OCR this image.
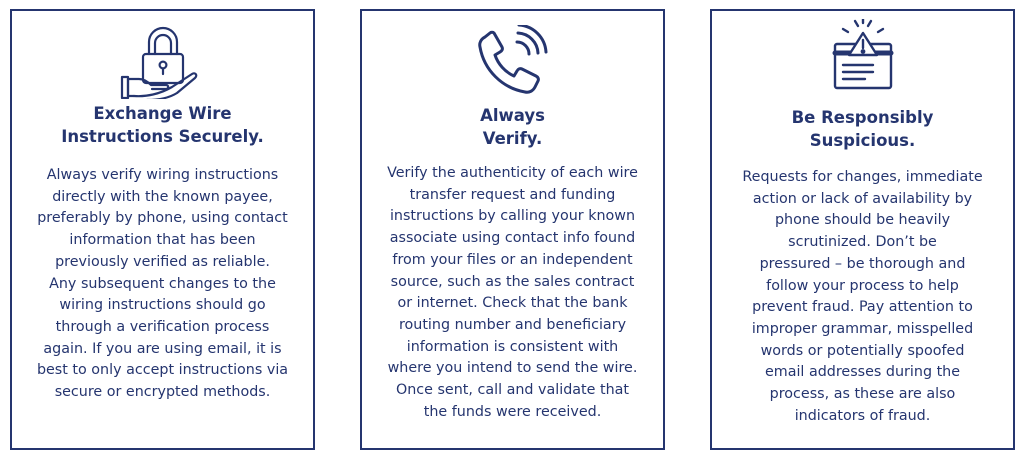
Exchange Wire
Instructions Securely.
Always verify wiring instructions
directly with the known payee,
preferably by phone, using contact
information that has been
previously verified as reliable.
Any subsequent changes to the
wiring instructions should go
through a verification process
again. If you are using email, it is
best to only accept instructions via
secure or encrypted methods.
Always
Verify.
Verify the authenticity of each wire
transfer request and funding
instructions by calling your known
associate using contact info found
from your files or an independent
source, such as the sales contract
or internet. Check that the bank
routing number and beneficiary
information is consistent with
where you intend to send the wire.
Once sent, call and validate that
the funds were received.
Be Responsibly
Suspicious.
Requests for changes, immediate
action or lack of availability by
phone should be heavily
scrutinized. Don’t be
pressured – be thorough and
follow your process to help
prevent fraud. Pay attention to
improper grammar, misspelled
words or potentially spoofed
email addresses during the
process, as these are also
indicators of fraud.
